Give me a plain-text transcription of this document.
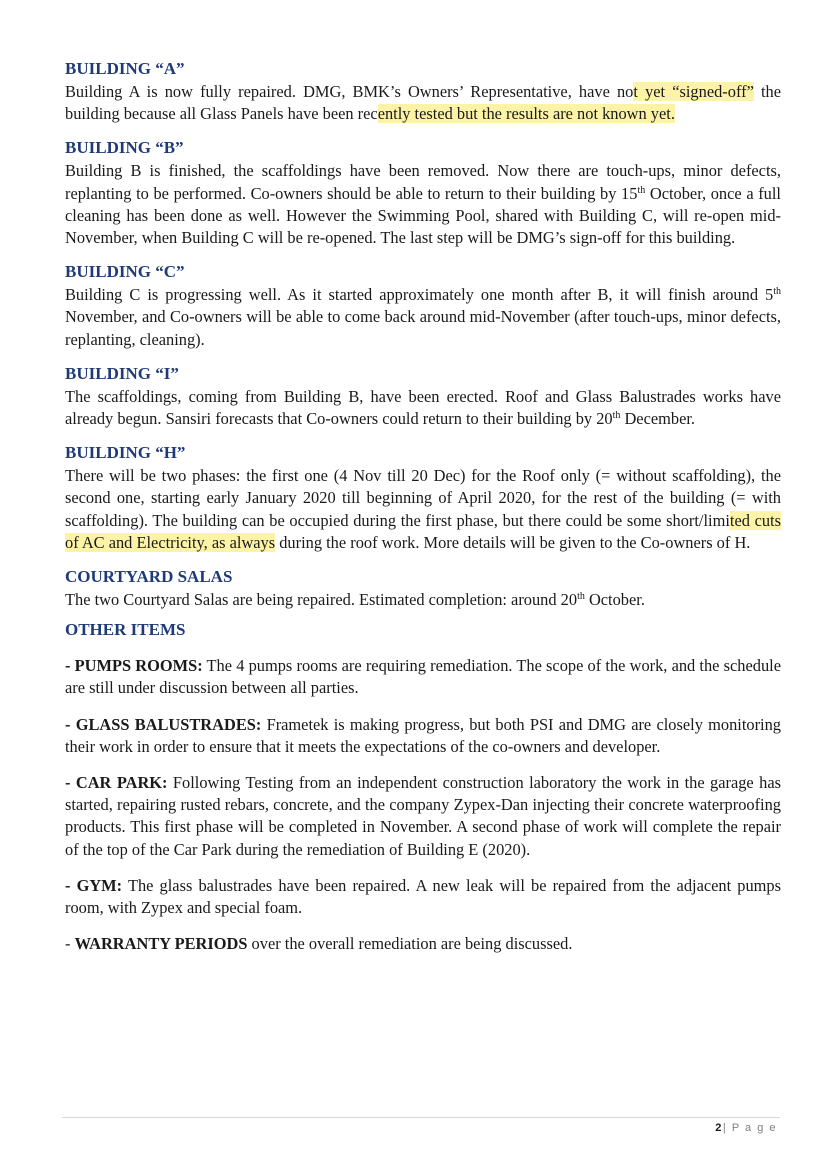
BUILDING “A”

Building A is now fully repaired. DMG, BMK’s Owners’ Representative, have not yet “signed-off” the building because all Glass Panels have been recently tested but the results are not known yet.

BUILDING “B”

Building B is finished, the scaffoldings have been removed. Now there are touch-ups, minor defects, replanting to be performed. Co-owners should be able to return to their building by 15th October, once a full cleaning has been done as well. However the Swimming Pool, shared with Building C, will re-open mid-November, when Building C will be re-opened. The last step will be DMG’s sign-off for this building.

BUILDING “C”

Building C is progressing well. As it started approximately one month after B, it will finish around 5th November, and Co-owners will be able to come back around mid-November (after touch-ups, minor defects, replanting, cleaning).

BUILDING “I”

The scaffoldings, coming from Building B, have been erected. Roof and Glass Balustrades works have already begun. Sansiri forecasts that Co-owners could return to their building by 20th December.

BUILDING “H”

There will be two phases: the first one (4 Nov till 20 Dec) for the Roof only (= without scaffolding), the second one, starting early January 2020 till beginning of April 2020, for the rest of the building (= with scaffolding). The building can be occupied during the first phase, but there could be some short/limited cuts of AC and Electricity, as always during the roof work. More details will be given to the Co-owners of H.

COURTYARD SALAS

The two Courtyard Salas are being repaired. Estimated completion: around 20th October.

OTHER ITEMS

- PUMPS ROOMS: The 4 pumps rooms are requiring remediation. The scope of the work, and the schedule are still under discussion between all parties.

- GLASS BALUSTRADES: Frametek is making progress, but both PSI and DMG are closely monitoring their work in order to ensure that it meets the expectations of the co-owners and developer.

- CAR PARK: Following Testing from an independent construction laboratory the work in the garage has started, repairing rusted rebars, concrete, and the company Zypex-Dan injecting their concrete waterproofing products. This first phase will be completed in November. A second phase of work will complete the repair of the top of the Car Park during the remediation of Building E (2020).

- GYM: The glass balustrades have been repaired. A new leak will be repaired from the adjacent pumps room, with Zypex and special foam.

- WARRANTY PERIODS over the overall remediation are being discussed.

2| P a g e
